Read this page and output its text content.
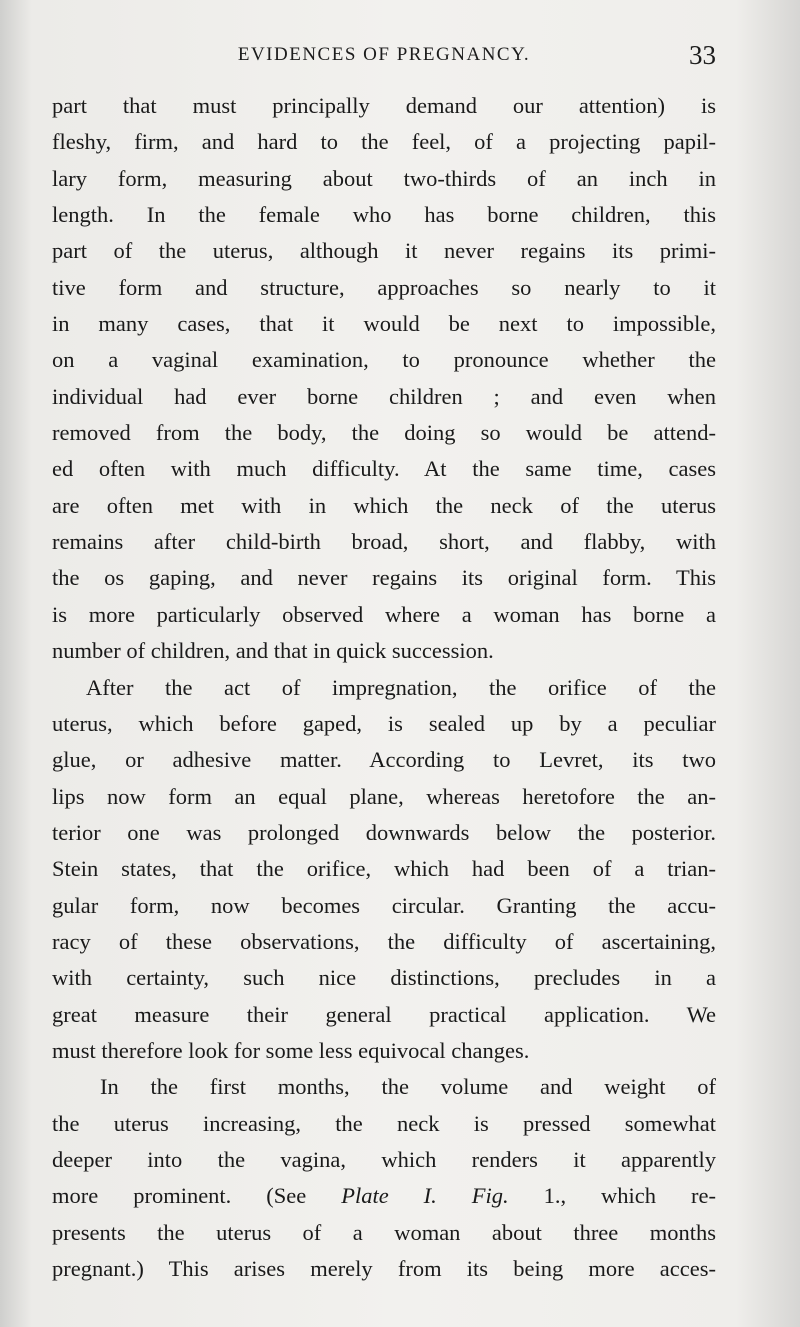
EVIDENCES OF PREGNANCY.	33
part that must principally demand our attention) is
fleshy, firm, and hard to the feel, of a projecting papil-
lary form, measuring about two-thirds of an inch in
length. In the female who has borne children, this
part of the uterus, although it never regains its primi-
tive form and structure, approaches so nearly to it
in many cases, that it would be next to impossible,
on a vaginal examination, to pronounce whether the
individual had ever borne children ; and even when
removed from the body, the doing so would be attend-
ed often with much difficulty. At the same time, cases
are often met with in which the neck of the uterus
remains after child-birth broad, short, and flabby, with
the os gaping, and never regains its original form. This
is more particularly observed where a woman has borne a
number of children, and that in quick succession.
After the act of impregnation, the orifice of the
uterus, which before gaped, is sealed up by a peculiar
glue, or adhesive matter. According to Levret, its two
lips now form an equal plane, whereas heretofore the an-
terior one was prolonged downwards below the posterior.
Stein states, that the orifice, which had been of a trian-
gular form, now becomes circular. Granting the accu-
racy of these observations, the difficulty of ascertaining,
with certainty, such nice distinctions, precludes in a
great measure their general practical application. We
must therefore look for some less equivocal changes.
In the first months, the volume and weight of
the uterus increasing, the neck is pressed somewhat
deeper into the vagina, which renders it apparently
more prominent. (See Plate I. Fig. 1., which re-
presents the uterus of a woman about three months
pregnant.) This arises merely from its being more acces-
